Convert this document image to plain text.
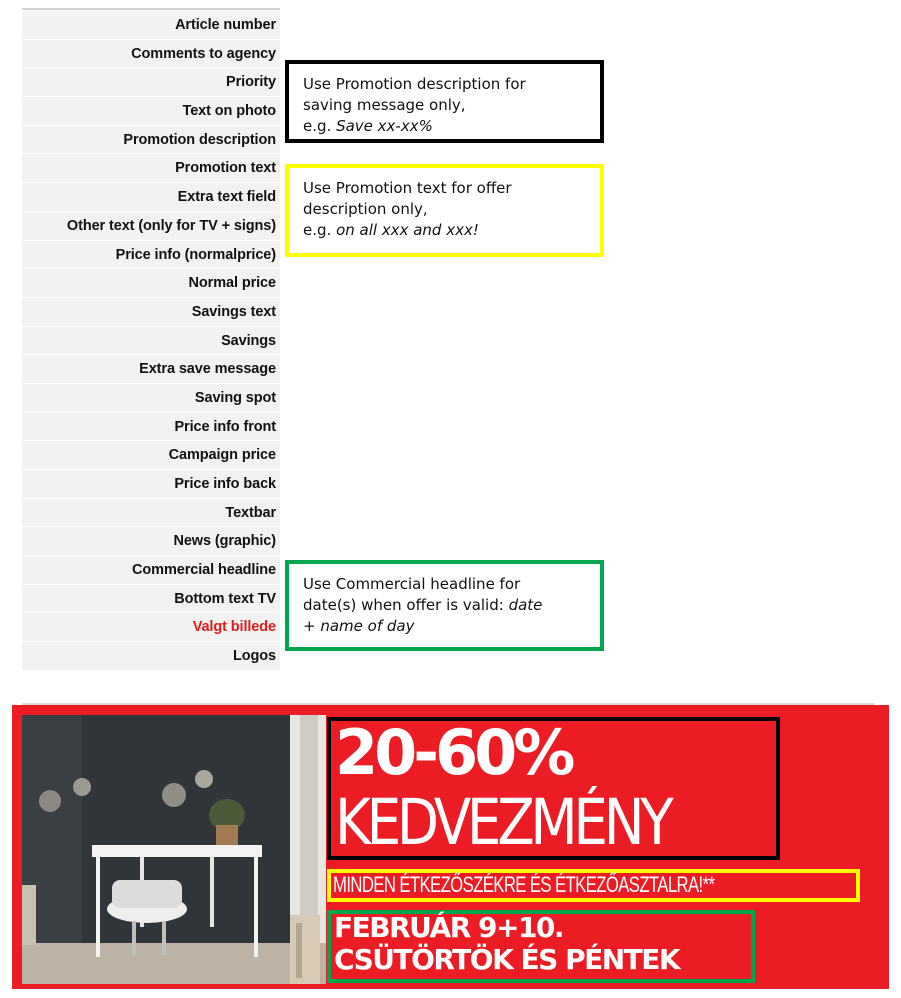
Article number
Comments to agency
Priority
Text on photo
Promotion description
Promotion text
Extra text field
Other text (only for TV + signs)
Price info (normalprice)
Normal price
Savings text
Savings
Extra save message
Saving spot
Price info front
Campaign price
Price info back
Textbar
News (graphic)
Commercial headline
Bottom text TV
Valgt billede
Logos
Use Promotion description for
saving message only,
e.g. Save xx-xx%
Use Promotion text for offer
description only,
e.g. on all xxx and xxx!
Use Commercial headline for
date(s) when offer is valid: date
+ name of day
20-60%
KEDVEZMÉNY
MINDEN ÉTKEZŐSZÉKRE ÉS ÉTKEZŐASZTALRA!**
FEBRUÁR 9+10.
CSÜTÖRTÖK ÉS PÉNTEK
